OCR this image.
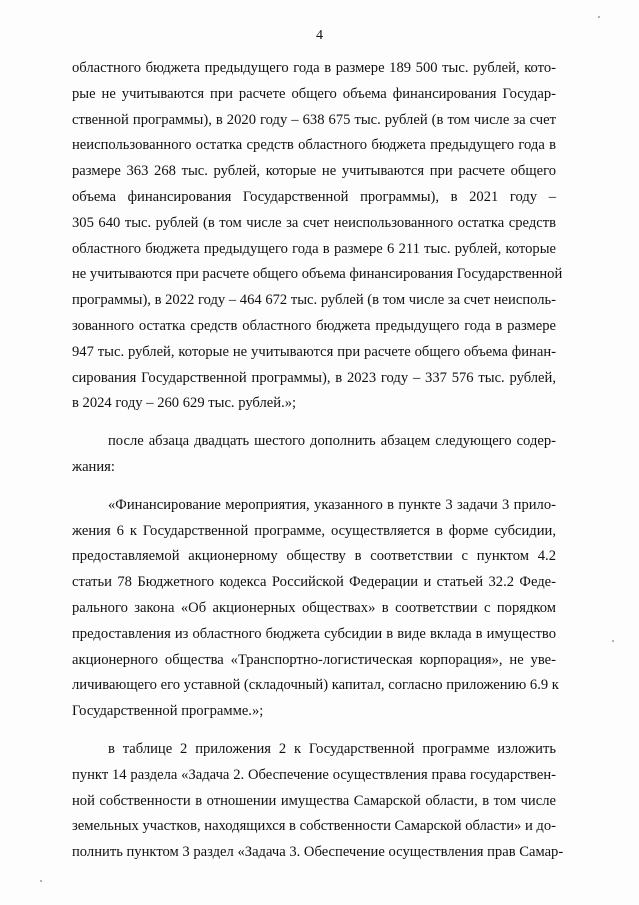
4
областного бюджета предыдущего года в размере 189 500 тыс. рублей, кото-
рые не учитываются при расчете общего объема финансирования Государ-
ственной программы), в 2020 году – 638 675 тыс. рублей (в том числе за счет
неиспользованного остатка средств областного бюджета предыдущего года в
размере 363 268 тыс. рублей, которые не учитываются при расчете общего
объема финансирования Государственной программы), в 2021 году –
305 640 тыс. рублей (в том числе за счет неиспользованного остатка средств
областного бюджета предыдущего года в размере 6 211 тыс. рублей, которые
не учитываются при расчете общего объема финансирования Государственной
программы), в 2022 году – 464 672 тыс. рублей (в том числе за счет неисполь-
зованного остатка средств областного бюджета предыдущего года в размере
947 тыс. рублей, которые не учитываются при расчете общего объема финан-
сирования Государственной программы), в 2023 году – 337 576 тыс. рублей,
в 2024 году – 260 629 тыс. рублей.»;
после абзаца двадцать шестого дополнить абзацем следующего содер-
жания:
«Финансирование мероприятия, указанного в пункте 3 задачи 3 прило-
жения 6 к Государственной программе, осуществляется в форме субсидии,
предоставляемой акционерному обществу в соответствии с пунктом 4.2
статьи 78 Бюджетного кодекса Российской Федерации и статьей 32.2 Феде-
рального закона «Об акционерных обществах» в соответствии с порядком
предоставления из областного бюджета субсидии в виде вклада в имущество
акционерного общества «Транспортно-логистическая корпорация», не уве-
личивающего его уставной (складочный) капитал, согласно приложению 6.9 к
Государственной программе.»;
в таблице 2 приложения 2 к Государственной программе изложить
пункт 14 раздела «Задача 2. Обеспечение осуществления права государствен-
ной собственности в отношении имущества Самарской области, в том числе
земельных участков, находящихся в собственности Самарской области» и до-
полнить пунктом 3 раздел «Задача 3. Обеспечение осуществления прав Самар-
